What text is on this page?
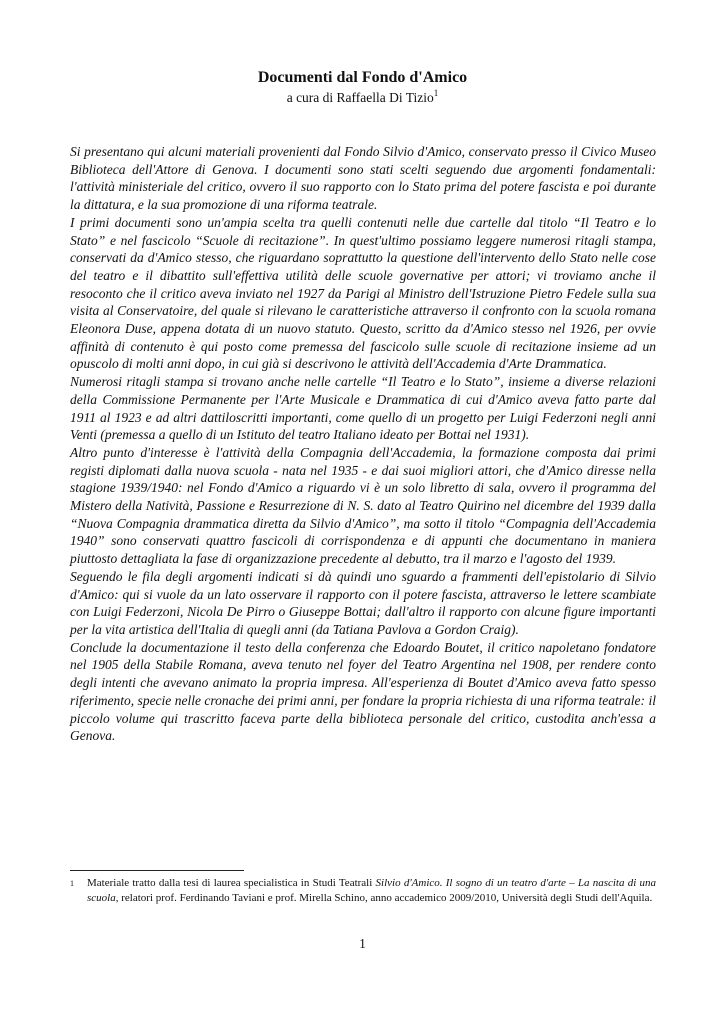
Documenti dal Fondo d'Amico
a cura di Raffaella Di Tizio$^1$

Si presentano qui alcuni materiali provenienti dal Fondo Silvio d'Amico, conservato presso il Civico Museo Biblioteca dell'Attore di Genova. I documenti sono stati scelti seguendo due argomenti fondamentali: l'attività ministeriale del critico, ovvero il suo rapporto con lo Stato prima del potere fascista e poi durante la dittatura, e la sua promozione di una riforma teatrale.

I primi documenti sono un'ampia scelta tra quelli contenuti nelle due cartelle dal titolo “Il Teatro e lo Stato” e nel fascicolo “Scuole di recitazione”. In quest'ultimo possiamo leggere numerosi ritagli stampa, conservati da d'Amico stesso, che riguardano soprattutto la questione dell'intervento dello Stato nelle cose del teatro e il dibattito sull'effettiva utilità delle scuole governative per attori; vi troviamo anche il resoconto che il critico aveva inviato nel 1927 da Parigi al Ministro dell'Istruzione Pietro Fedele sulla sua visita al Conservatoire, del quale si rilevano le caratteristiche attraverso il confronto con la scuola romana Eleonora Duse, appena dotata di un nuovo statuto. Questo, scritto da d'Amico stesso nel 1926, per ovvie affinità di contenuto è qui posto come premessa del fascicolo sulle scuole di recitazione insieme ad un opuscolo di molti anni dopo, in cui già si descrivono le attività dell'Accademia d'Arte Drammatica.

Numerosi ritagli stampa si trovano anche nelle cartelle “Il Teatro e lo Stato”, insieme a diverse relazioni della Commissione Permanente per l'Arte Musicale e Drammatica di cui d'Amico aveva fatto parte dal 1911 al 1923 e ad altri dattiloscritti importanti, come quello di un progetto per Luigi Federzoni negli anni Venti (premessa a quello di un Istituto del teatro Italiano ideato per Bottai nel 1931).

Altro punto d'interesse è l'attività della Compagnia dell'Accademia, la formazione composta dai primi registi diplomati dalla nuova scuola - nata nel 1935 - e dai suoi migliori attori, che d'Amico diresse nella stagione 1939/1940: nel Fondo d'Amico a riguardo vi è un solo libretto di sala, ovvero il programma del Mistero della Natività, Passione e Resurrezione di N. S. dato al Teatro Quirino nel dicembre del 1939 dalla “Nuova Compagnia drammatica diretta da Silvio d'Amico”, ma sotto il titolo “Compagnia dell'Accademia 1940” sono conservati quattro fascicoli di corrispondenza e di appunti che documentano in maniera piuttosto dettagliata la fase di organizzazione precedente al debutto, tra il marzo e l'agosto del 1939.

Seguendo le fila degli argomenti indicati si dà quindi uno sguardo a frammenti dell'epistolario di Silvio d'Amico: qui si vuole da un lato osservare il rapporto con il potere fascista, attraverso le lettere scambiate con Luigi Federzoni, Nicola De Pirro o Giuseppe Bottai; dall'altro il rapporto con alcune figure importanti per la vita artistica dell'Italia di quegli anni (da Tatiana Pavlova a Gordon Craig).

Conclude la documentazione il testo della conferenza che Edoardo Boutet, il critico napoletano fondatore nel 1905 della Stabile Romana, aveva tenuto nel foyer del Teatro Argentina nel 1908, per rendere conto degli intenti che avevano animato la propria impresa. All'esperienza di Boutet d'Amico aveva fatto spesso riferimento, specie nelle cronache dei primi anni, per fondare la propria richiesta di una riforma teatrale: il piccolo volume qui trascritto faceva parte della biblioteca personale del critico, custodita anch'essa a Genova.

1 Materiale tratto dalla tesi di laurea specialistica in Studi Teatrali Silvio d'Amico. Il sogno di un teatro d'arte – La nascita di una scuola, relatori prof. Ferdinando Taviani e prof. Mirella Schino, anno accademico 2009/2010, Università degli Studi dell'Aquila.
1
